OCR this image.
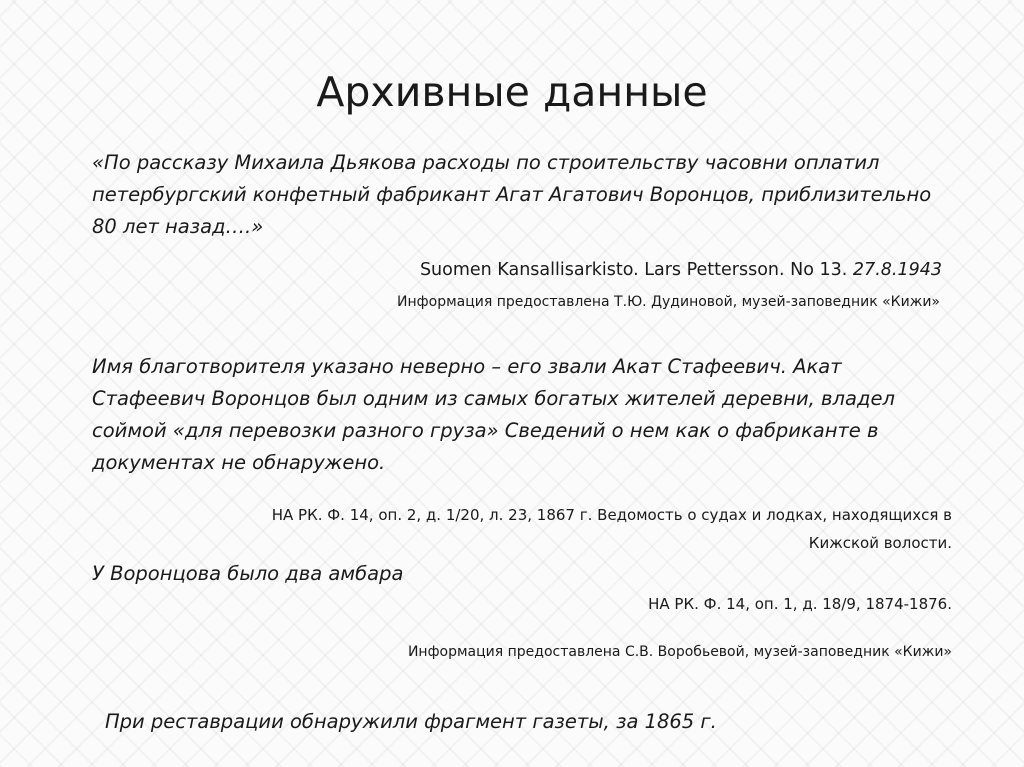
Архивные данные

«По рассказу Михаила Дьякова расходы по строительству часовни оплатил петербургский конфетный фабрикант Агат Агатович Воронцов, приблизительно 80 лет назад….»

Suomen Kansallisarkisto. Lars Pettersson. No 13. 27.8.1943
Информация предоставлена Т.Ю. Дудиновой, музей-заповедник «Кижи»

Имя благотворителя указано неверно – его звали Акат Стафеевич. Акат Стафеевич Воронцов был одним из самых богатых жителей деревни, владел соймой «для перевозки разного груза» Сведений о нем как о фабриканте в документах не обнаружено.

НА РК. Ф. 14, оп. 2, д. 1/20, л. 23, 1867 г. Ведомость о судах и лодках, находящихся в
Кижской волости.

У Воронцова было два амбара

НА РК. Ф. 14, оп. 1, д. 18/9, 1874-1876.
Информация предоставлена С.В. Воробьевой, музей-заповедник «Кижи»

При реставрации обнаружили фрагмент газеты, за 1865 г.
